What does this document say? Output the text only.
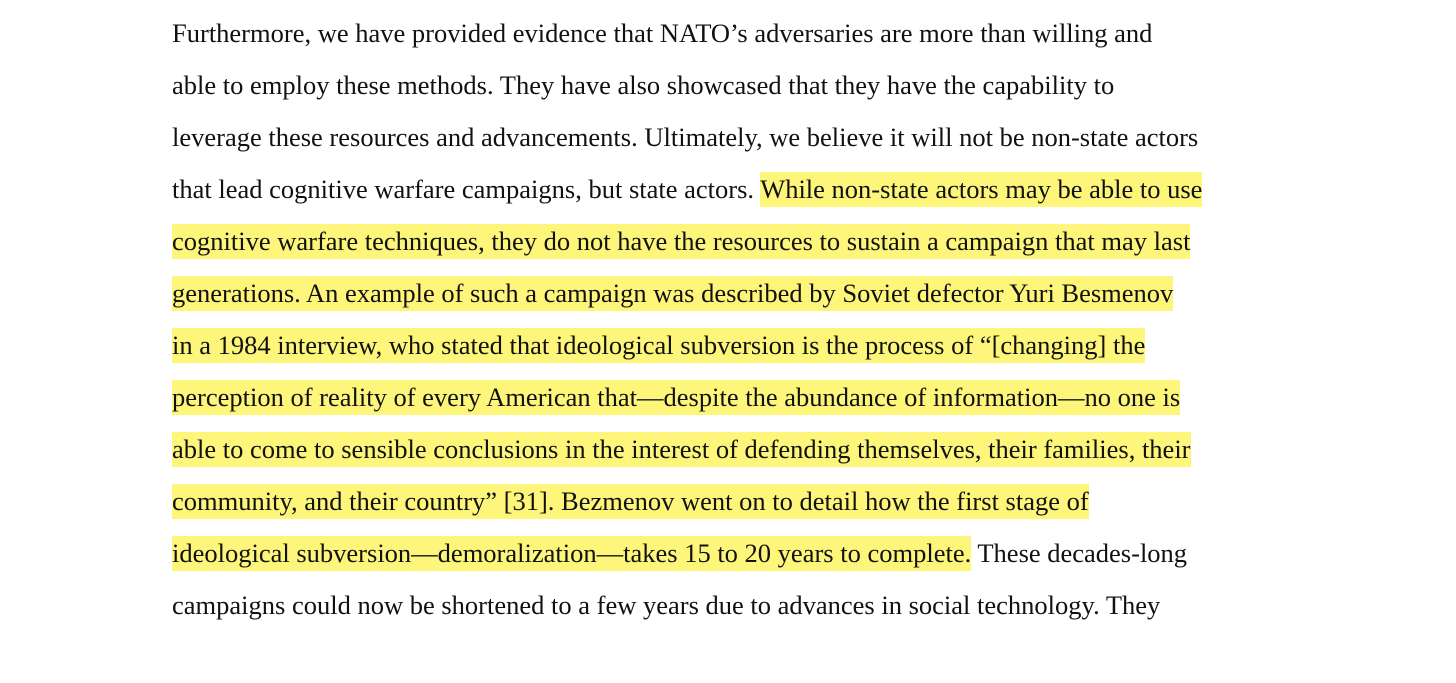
Furthermore, we have provided evidence that NATO’s adversaries are more than willing and
able to employ these methods. They have also showcased that they have the capability to
leverage these resources and advancements. Ultimately, we believe it will not be non-state actors
that lead cognitive warfare campaigns, but state actors. While non-state actors may be able to use
cognitive warfare techniques, they do not have the resources to sustain a campaign that may last
generations. An example of such a campaign was described by Soviet defector Yuri Besmenov
in a 1984 interview, who stated that ideological subversion is the process of “[changing] the
perception of reality of every American that—despite the abundance of information—no one is
able to come to sensible conclusions in the interest of defending themselves, their families, their
community, and their country” [31]. Bezmenov went on to detail how the first stage of
ideological subversion—demoralization—takes 15 to 20 years to complete. These decades-long
campaigns could now be shortened to a few years due to advances in social technology. They
